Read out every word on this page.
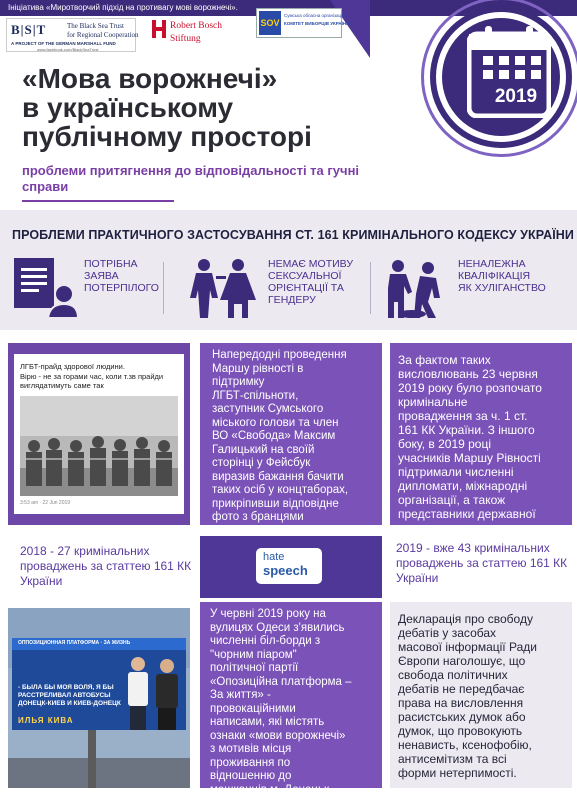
Ініціатива «Миротворчий підхід на противагу мові ворожнечі».
B|S|T	The Black Sea Trust
for Regional Cooperation
A PROJECT OF THE GERMAN MARSHALL FUND
www.facebook.com/BlackSeaTrust
Robert Bosch
Stiftung
SOV
Сумська обласна організація
КОМІТЕТ ВИБОРЦІВ УКРАЇНИ
«Мова ворожнечі»
в українському
публічному просторі
проблеми притягнення до відповідальності та гучні справи
2019
ПРОБЛЕМИ ПРАКТИЧНОГО ЗАСТОСУВАННЯ СТ. 161 КРИМІНАЛЬНОГО КОДЕКСУ УКРАЇНИ
ПОТРІБНА ЗАЯВА
ПОТЕРПІЛОГО
НЕМАЄ МОТИВУ
СЕКСУАЛЬНОЇ
ОРІЄНТАЦІЇ ТА
ГЕНДЕРУ
НЕНАЛЕЖНА
КВАЛІФІКАЦІЯ
ЯК ХУЛІГАНСТВО
ЛГБТ-прайд здорової людини.
Вірю - не за горами час, коли т.зв прайди
виглядатимуть саме так
3:53 am · 22 Jun 2019
Напередодні проведення
Маршу рівності в
підтримку
ЛГБТ-спільноти,
заступник Сумського
міського голови та член
ВО «Свобода» Максим
Галицький на своїй
сторінці у Фейсбук
виразив бажання бачити
таких осіб у концтаборах,
прикріпивши відповідне
фото з бранцями
концтабору.
За фактом таких
висловлювань 23 червня
2019 року було розпочато
кримінальне
провадження за ч. 1 ст.
161 КК України. З іншого
боку, в 2019 році
учасників Маршу Рівності
підтримали численні
дипломати, міжнародні
організації, а також
представники державної
влади.
2018 - 27 кримінальних
проваджень за статтею 161 КК
України
hate
speech
2019 - вже 43 кримінальних
проваджень за статтею 161 КК
України
ОППОЗИЦИОННАЯ ПЛАТФОРМА · ЗА ЖИЗНЬ
- БЫЛА БЫ МОЯ ВОЛЯ, Я БЫ
РАССТРЕЛИВАЛ АВТОБУСЫ
ДОНЕЦК-КИЕВ И КИЕВ-ДОНЕЦК
ИЛЬЯ КИВА
У червні 2019 року на
вулицях Одеси з'явились
численні біл-борди з
"чорним піаром"
політичної партії
«Опозиційна платформа –
За життя» -
провокаційними
написами, які містять
ознаки «мови ворожнечі»
з мотивів місця
проживання по
відношенню до
мешканців м. Донецьк.
Декларація про свободу
дебатів у засобах
масової інформації Ради
Європи наголошує, що
свобода політичних
дебатів не передбачає
права на висловлення
расистських думок або
думок, що провокують
ненависть, ксенофобію,
антисемітизм та всі
форми нетерпимості.
